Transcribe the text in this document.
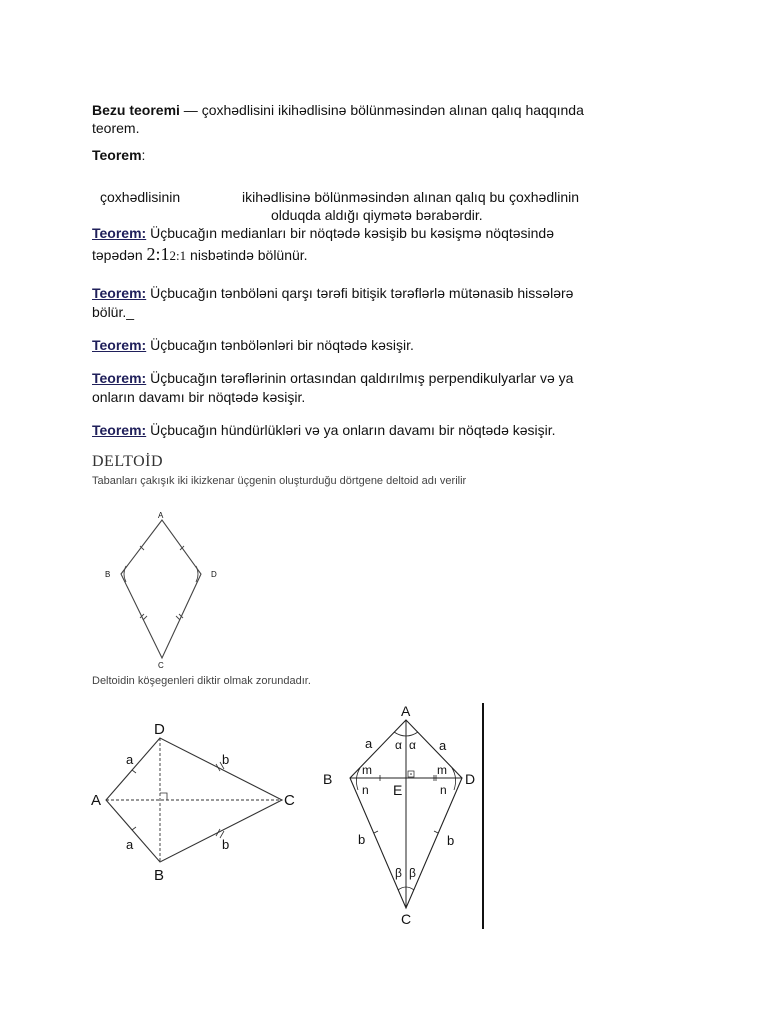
Bezu teoremi — çoxhədlisini ikihədlisinə bölünməsindən alınan qalıq haqqında
teorem.
Teorem:
çoxhədlisinin	ikihədlisinə bölünməsindən alınan qalıq bu çoxhədlinin
olduqda aldığı qiymətə bərabərdir.
Teorem: Üçbucağın medianları bir nöqtədə kəsişib bu kəsişmə nöqtəsində
təpədən 2:12:1 nisbətində bölünür.
Teorem: Üçbucağın tənböləni qarşı tərəfi bitişik tərəflərlə mütənasib hissələrə
bölür._
Teorem: Üçbucağın tənbölənləri bir nöqtədə kəsişir.
Teorem: Üçbucağın tərəflərinin ortasından qaldırılmış perpendikulyarlar və ya
onların davamı bir nöqtədə kəsişir.
Teorem: Üçbucağın hündürlükləri və ya onların davamı bir nöqtədə kəsişir.
DELTOİD
Tabanları çakışık iki ikizkenar üçgenin oluşturduğu dörtgene deltoid adı verilir
A
B
C
D
Deltoidin köşegenleri diktir olmak zorundadır.
D
A
B
C
a
a
b
b
B
A
C
D
E
a	a
b	b
α α
β β
m	m
n	n
